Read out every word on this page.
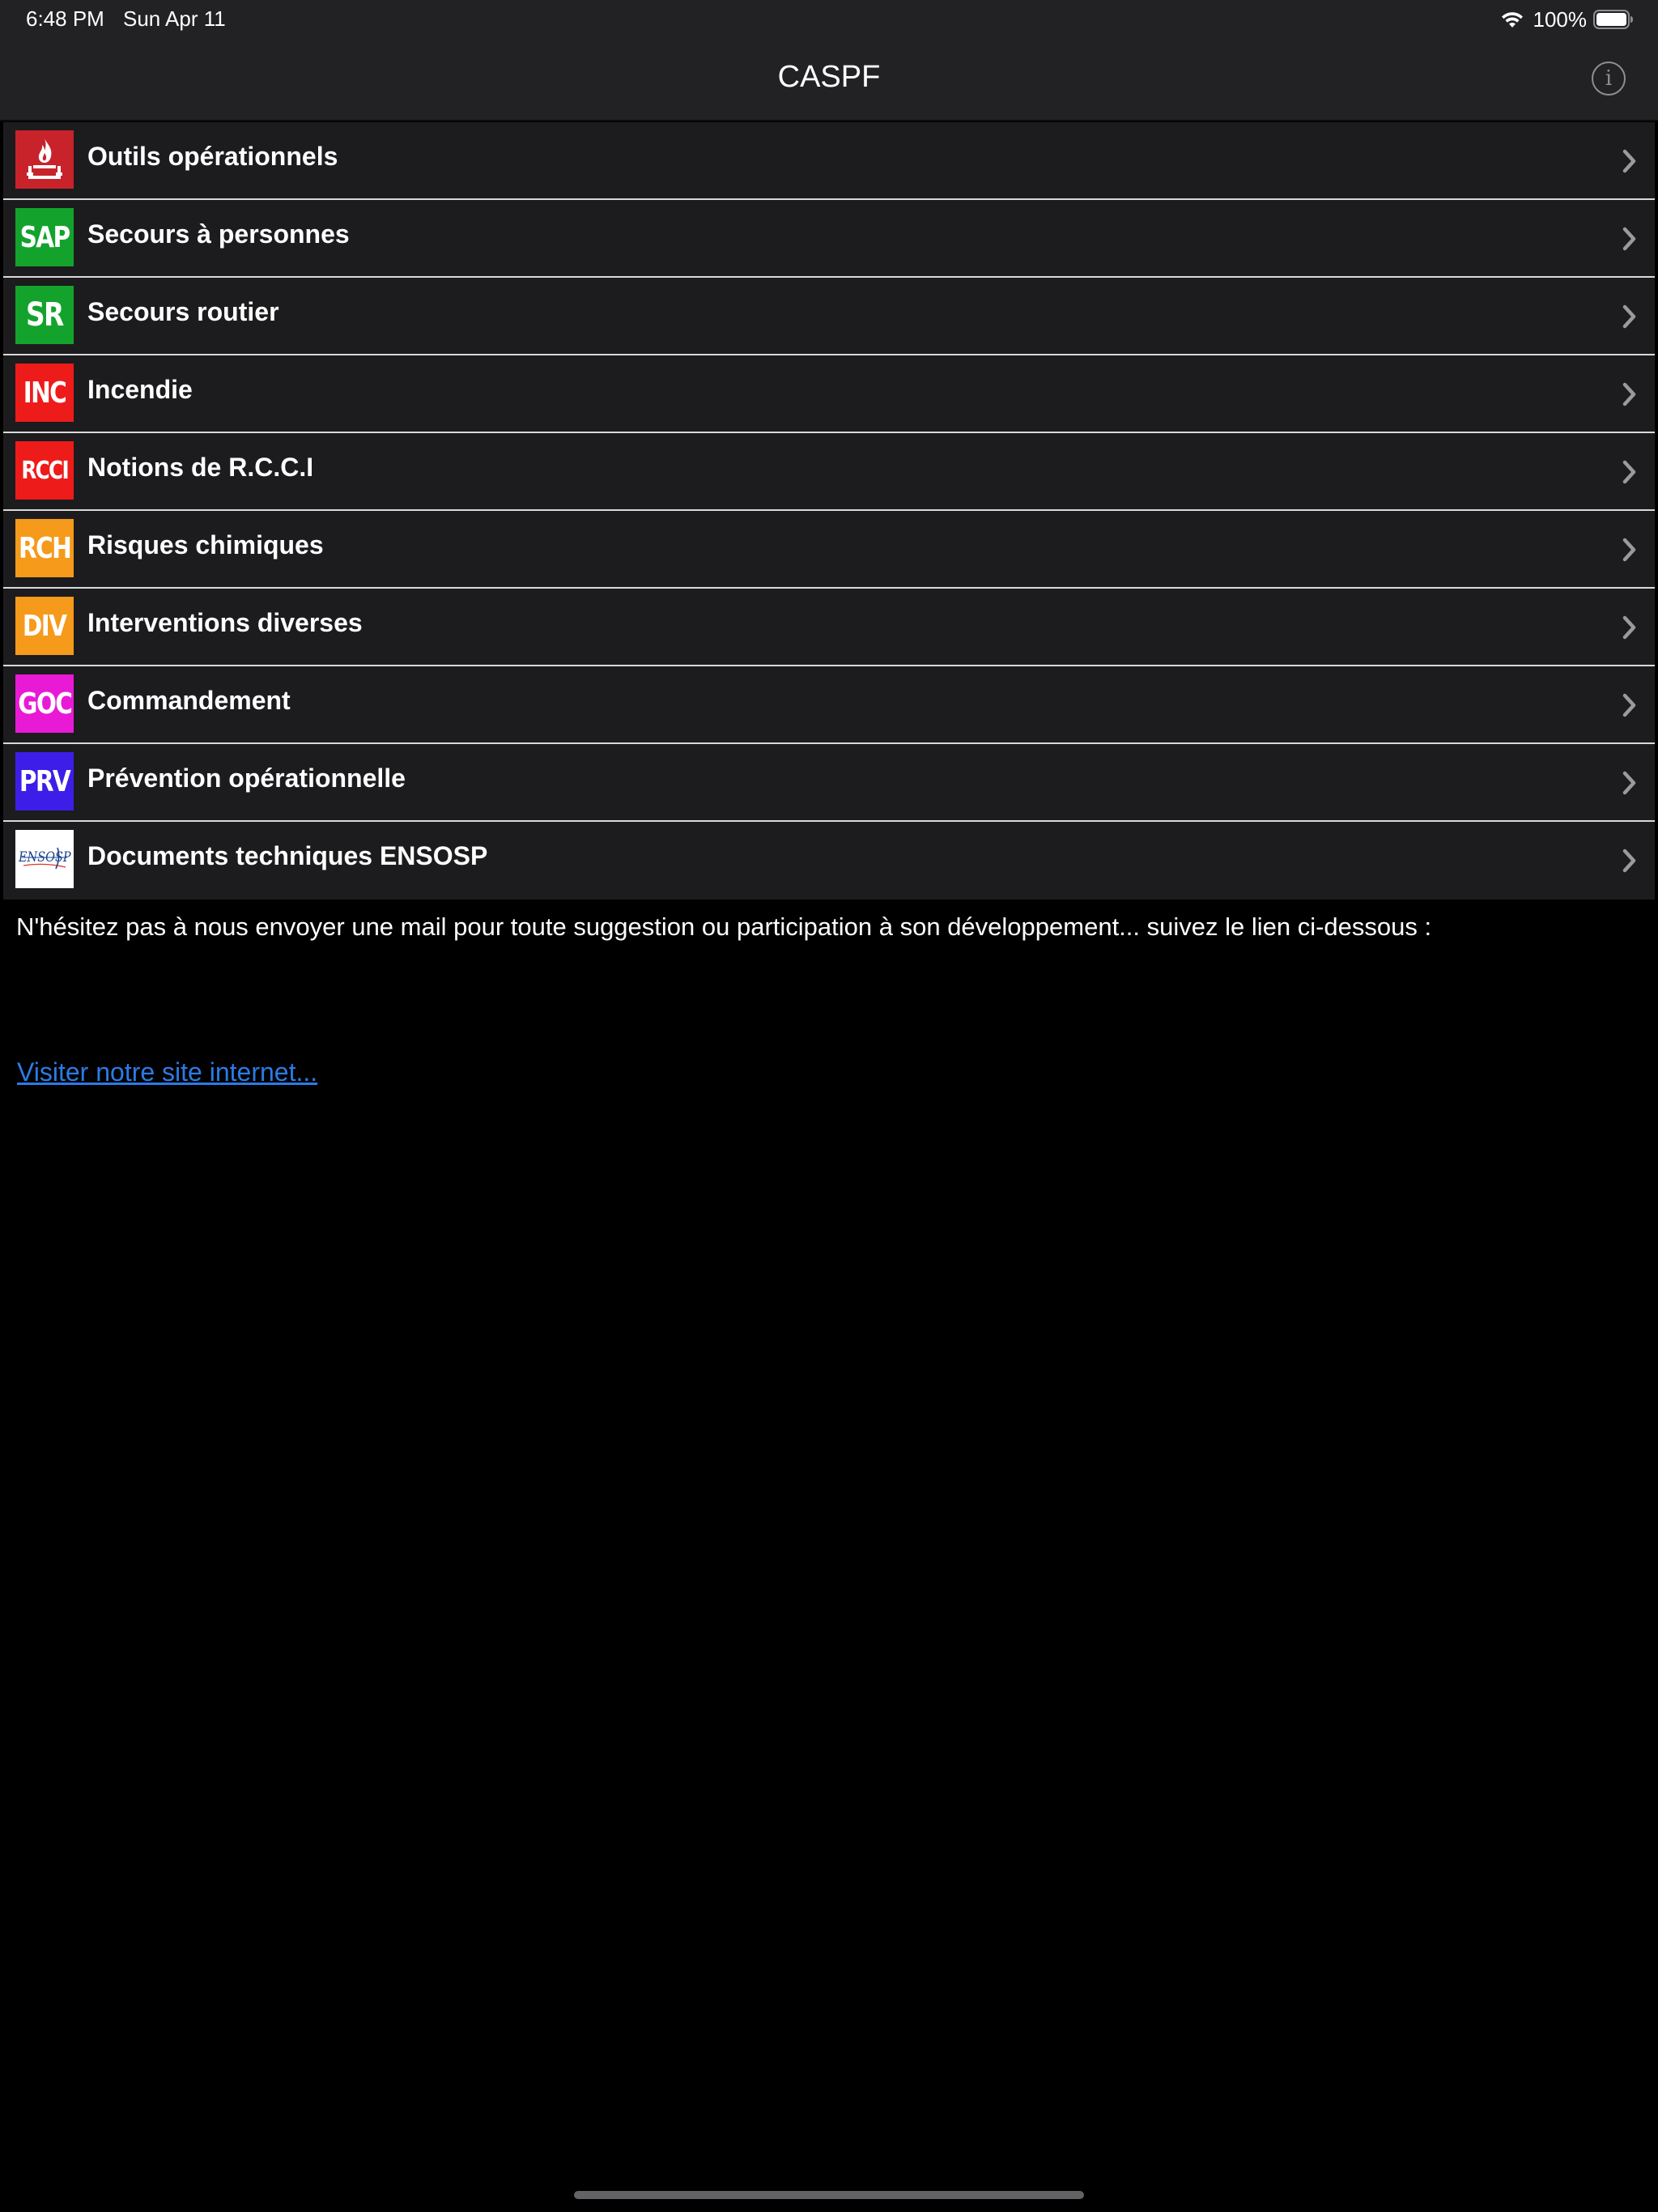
6:48 PM Sun Apr 11	100%
CASPF	i
Outils opérationnels
SAP Secours à personnes
SR Secours routier
INC Incendie
RCCI Notions de R.C.C.I
RCH Risques chimiques
DIV Interventions diverses
GOC Commandement
PRV Prévention opérationnelle
ENSOSP Documents techniques ENSOSP
N'hésitez pas à nous envoyer une mail pour toute suggestion ou participation à son développement... suivez le lien ci-dessous :
Visiter notre site internet...
